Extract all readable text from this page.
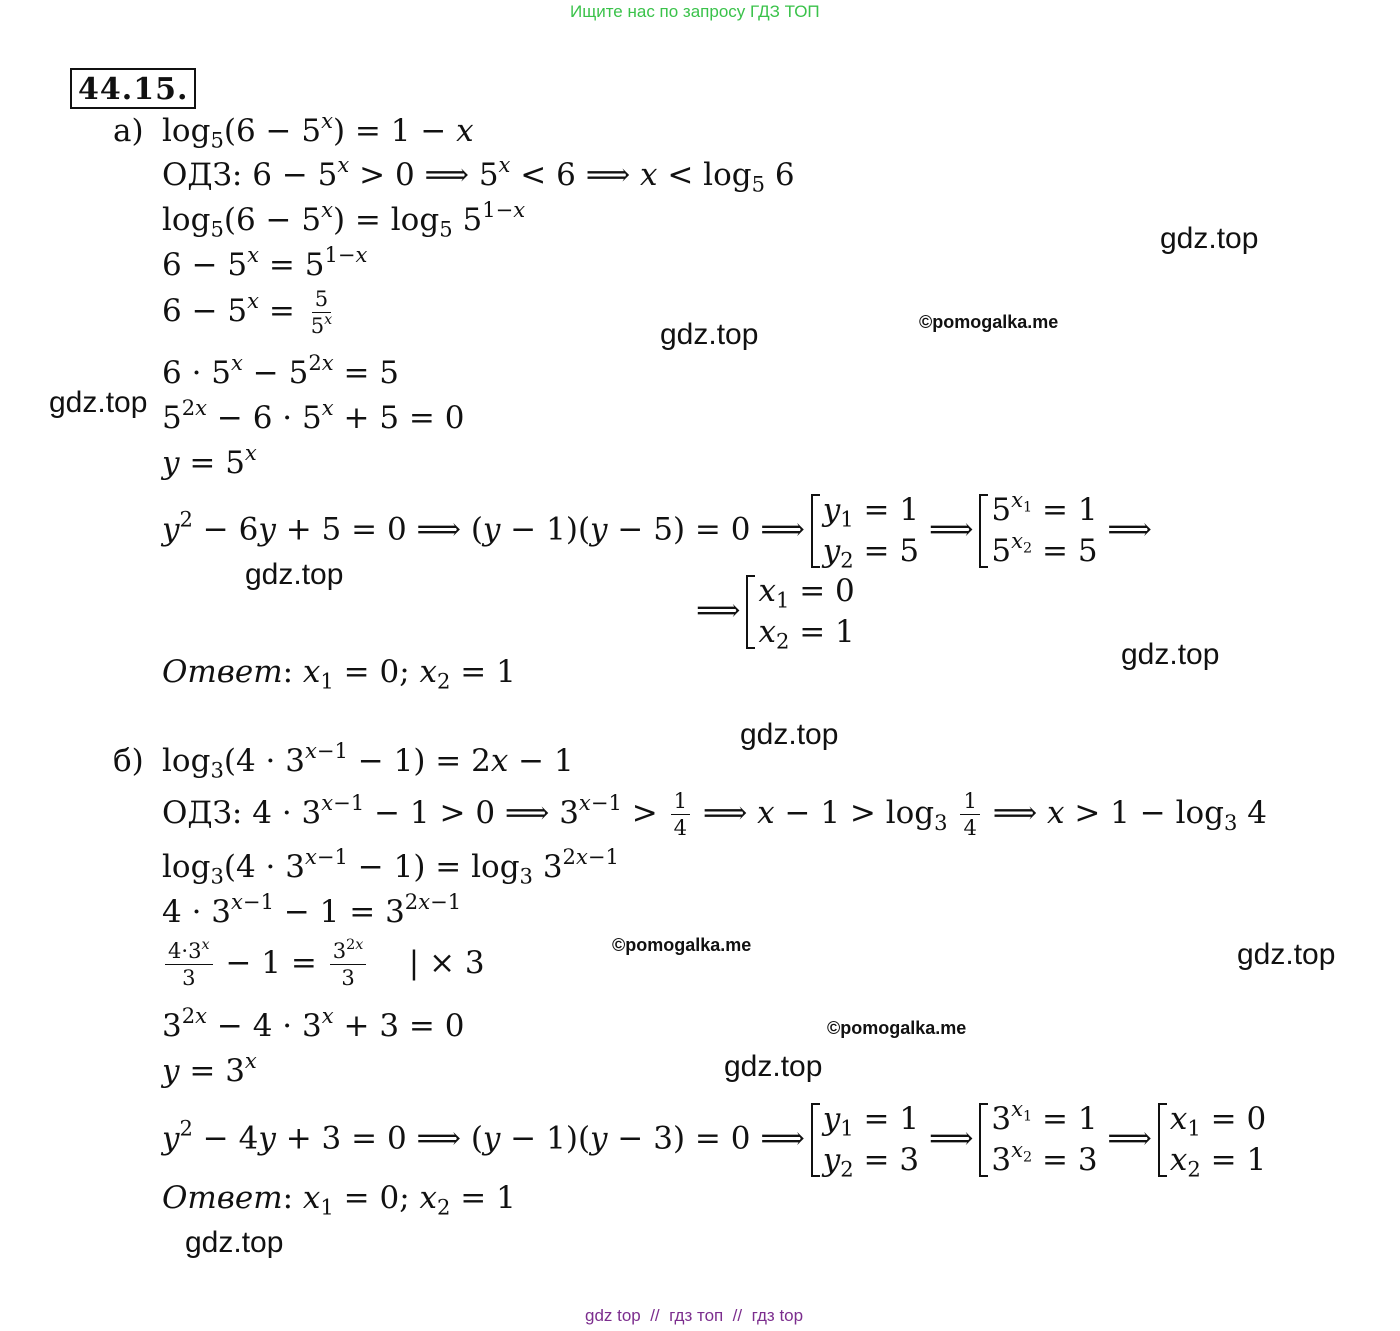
Ищите нас по запросу ГДЗ ТОП
44.15.
а) $\log_5(6 - 5^x) = 1 - x$
ОДЗ: $6 - 5^x > 0$ ⟹ $5^x < 6$ ⟹ $x < \log_5 6$
$\log_5(6 - 5^x) = \log_5 5^{1-x}$
$6 - 5^x = 5^{1-x}$
$6 - 5^x = \frac{5}{5^x}$
$6 \cdot 5^x - 5^{2x} = 5$
$5^{2x} - 6 \cdot 5^x + 5 = 0$
$y = 5^x$
$y^2 - 6y + 5 = 0$ ⟹ (y − 1)(y − 5) = 0 ⟹
$y_1 = 1$
$y_2 = 5$
⟹
$5^{x_1} = 1$
$5^{x_2} = 5$
⟹
⟹
$x_1 = 0$
$x_2 = 1$
Ответ: $x_1 = 0$; $x_2 = 1$
б) $\log_3(4 \cdot 3^{x-1} - 1) = 2x - 1$
ОДЗ: $4 \cdot 3^{x-1} - 1 > 0$ ⟹ $3^{x-1} > \frac{1}{4}$ ⟹ $x - 1 > \log_3 \frac{1}{4}$ ⟹ $x > 1 - \log_3 4$
$\log_3(4 \cdot 3^{x-1} - 1) = \log_3 3^{2x-1}$
$4 \cdot 3^{x-1} - 1 = 3^{2x-1}$
$\frac{4\cdot 3^x}{3} - 1 = \frac{3^{2x}}{3}$ | × 3
$3^{2x} - 4 \cdot 3^x + 3 = 0$
$y = 3^x$
$y^2 - 4y + 3 = 0$ ⟹ (y − 1)(y − 3) = 0 ⟹
$y_1 = 1$
$y_2 = 3$
⟹
$3^{x_1} = 1$
$3^{x_2} = 3$
⟹
$x_1 = 0$
$x_2 = 1$
Ответ: $x_1 = 0$; $x_2 = 1$
gdz.top
gdz.top
gdz.top
gdz.top
gdz.top
gdz.top
gdz.top
gdz.top
gdz.top
©pomogalka.me
©pomogalka.me
©pomogalka.me
gdz top  //  гдз топ  //  гдз top
